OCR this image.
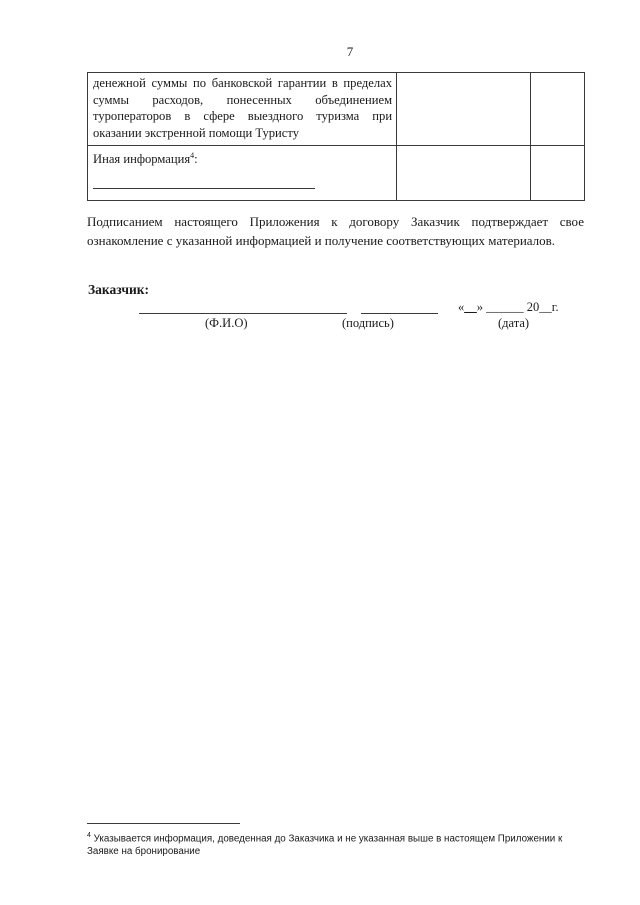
7
денежной суммы по банковской гарантии в пределах
суммы расходов, понесенных объединением
туроператоров в сфере выездного туризма при
оказании экстренной помощи Туристу		

Иная информация$^4$:		

Подписанием настоящего Приложения к договору Заказчик подтверждает свое ознакомление с указанной информацией и получение соответствующих материалов.
Заказчик:
«__» ______ 20__г.
(Ф.И.О)	(подпись)	(дата)
$^4$ Указывается информация, доведенная до Заказчика и не указанная выше в настоящем Приложении к Заявке на бронирование
